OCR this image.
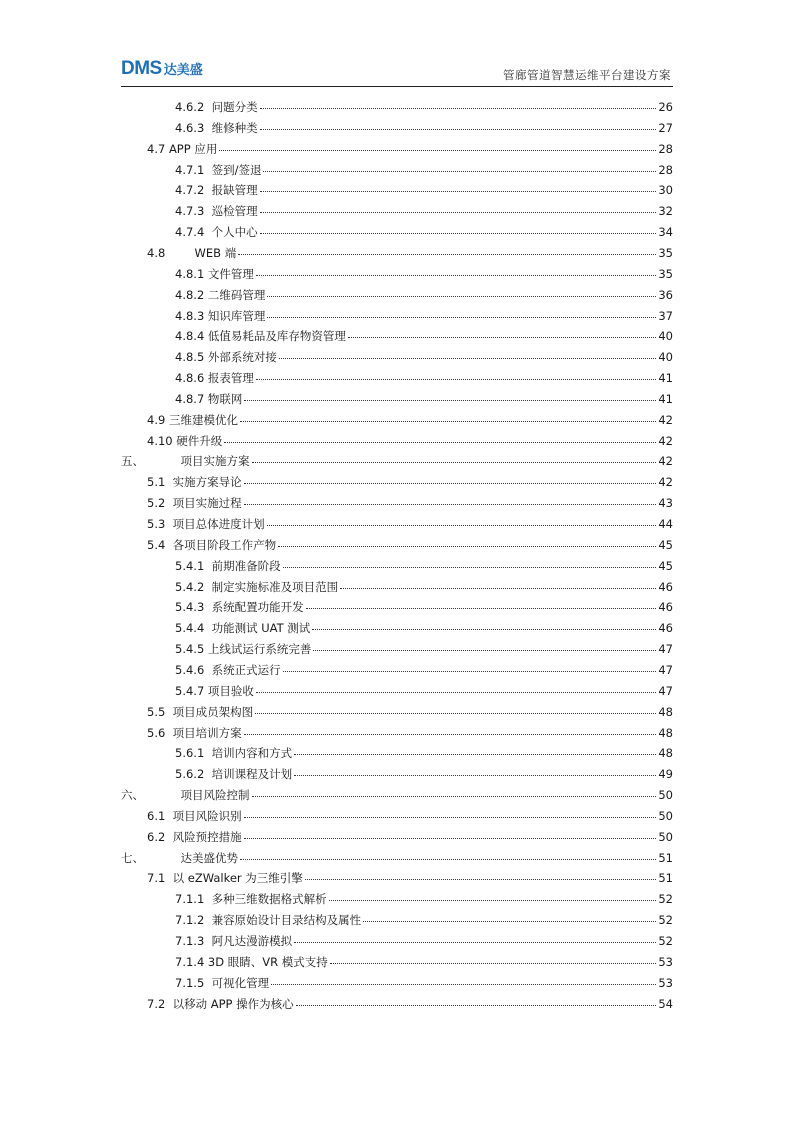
DMS 达美盛	管廊管道智慧运维平台建设方案
4.6.2  问题分类	26
4.6.3  维修种类	27
4.7 APP 应用	28
4.7.1  签到/签退	28
4.7.2  报缺管理	30
4.7.3  巡检管理	32
4.7.4  个人中心	34
4.8        WEB 端	35
4.8.1 文件管理	35
4.8.2 二维码管理	36
4.8.3 知识库管理	37
4.8.4 低值易耗品及库存物资管理	40
4.8.5 外部系统对接	40
4.8.6 报表管理	41
4.8.7 物联网	41
4.9 三维建模优化	42
4.10 硬件升级	42
五、          项目实施方案	42
5.1  实施方案导论	42
5.2  项目实施过程	43
5.3  项目总体进度计划	44
5.4  各项目阶段工作产物	45
5.4.1  前期准备阶段	45
5.4.2  制定实施标准及项目范围	46
5.4.3  系统配置功能开发	46
5.4.4  功能测试 UAT 测试	46
5.4.5 上线试运行系统完善	47
5.4.6  系统正式运行	47
5.4.7 项目验收	47
5.5  项目成员架构图	48
5.6  项目培训方案	48
5.6.1  培训内容和方式	48
5.6.2  培训课程及计划	49
六、          项目风险控制	50
6.1  项目风险识别	50
6.2  风险预控措施	50
七、          达美盛优势	51
7.1  以 eZWalker 为三维引擎	51
7.1.1  多种三维数据格式解析	52
7.1.2  兼容原始设计目录结构及属性	52
7.1.3  阿凡达漫游模拟	52
7.1.4 3D 眼睛、VR 模式支持	53
7.1.5  可视化管理	53
7.2  以移动 APP 操作为核心	54
